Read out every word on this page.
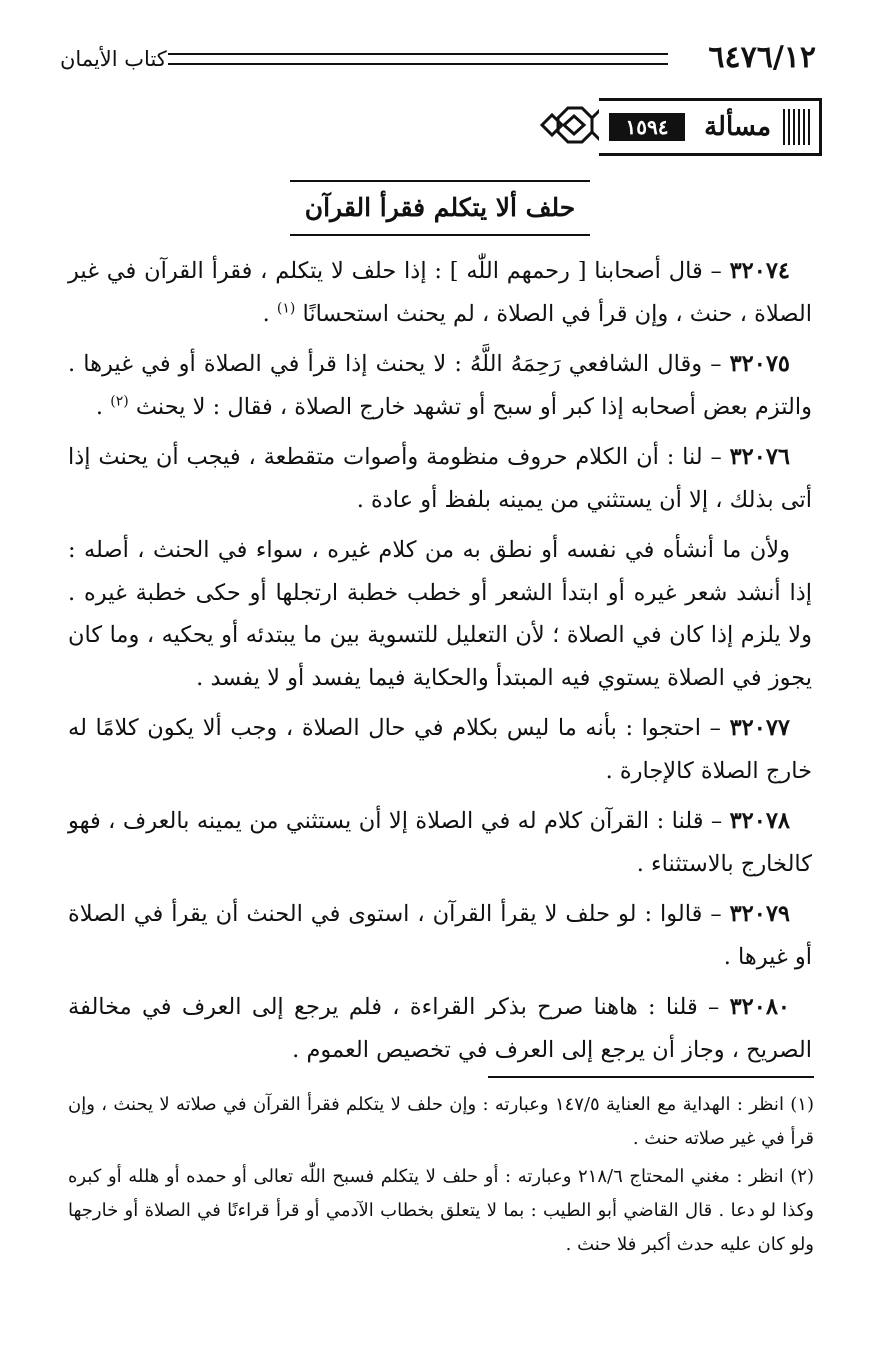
٦٤٧٦/١٢
كتاب الأيمان
مسألة
١٥٩٤
حلف ألا يتكلم فقرأ القرآن

٣٢٠٧٤ – قال أصحابنا [ رحمهم اللّٰه ] : إذا حلف لا يتكلم ، فقرأ القرآن في غير الصلاة ، حنث ، وإن قرأ في الصلاة ، لم يحنث استحسانًا $^{(١)}$ .

٣٢٠٧٥ – وقال الشافعي رَحِمَهُ اللَّهُ : لا يحنث إذا قرأ في الصلاة أو في غيرها . والتزم بعض أصحابه إذا كبر أو سبح أو تشهد خارج الصلاة ، فقال : لا يحنث $^{(٢)}$ .

٣٢٠٧٦ – لنا : أن الكلام حروف منظومة وأصوات متقطعة ، فيجب أن يحنث إذا أتى بذلك ، إلا أن يستثني من يمينه بلفظ أو عادة .

ولأن ما أنشأه في نفسه أو نطق به من كلام غيره ، سواء في الحنث ، أصله : إذا أنشد شعر غيره أو ابتدأ الشعر أو خطب خطبة ارتجلها أو حكى خطبة غيره . ولا يلزم إذا كان في الصلاة ؛ لأن التعليل للتسوية بين ما يبتدئه أو يحكيه ، وما كان يجوز في الصلاة يستوي فيه المبتدأ والحكاية فيما يفسد أو لا يفسد .

٣٢٠٧٧ – احتجوا : بأنه ما ليس بكلام في حال الصلاة ، وجب ألا يكون كلامًا له خارج الصلاة كالإجارة .

٣٢٠٧٨ – قلنا : القرآن كلام له في الصلاة إلا أن يستثني من يمينه بالعرف ، فهو كالخارج بالاستثناء .

٣٢٠٧٩ – قالوا : لو حلف لا يقرأ القرآن ، استوى في الحنث أن يقرأ في الصلاة أو غيرها .

٣٢٠٨٠ – قلنا : هاهنا صرح بذكر القراءة ، فلم يرجع إلى العرف في مخالفة الصريح ، وجاز أن يرجع إلى العرف في تخصيص العموم .

(١) انظر : الهداية مع العناية ١٤٧/٥ وعبارته : وإن حلف لا يتكلم فقرأ القرآن في صلاته لا يحنث ، وإن قرأ في غير صلاته حنث .

(٢) انظر : مغني المحتاج ٢١٨/٦ وعبارته : أو حلف لا يتكلم فسبح اللّٰه تعالى أو حمده أو هلله أو كبره وكذا لو دعا . قال القاضي أبو الطيب : بما لا يتعلق بخطاب الآدمي أو قرأ قراءنًا في الصلاة أو خارجها ولو كان عليه حدث أكبر فلا حنث .
